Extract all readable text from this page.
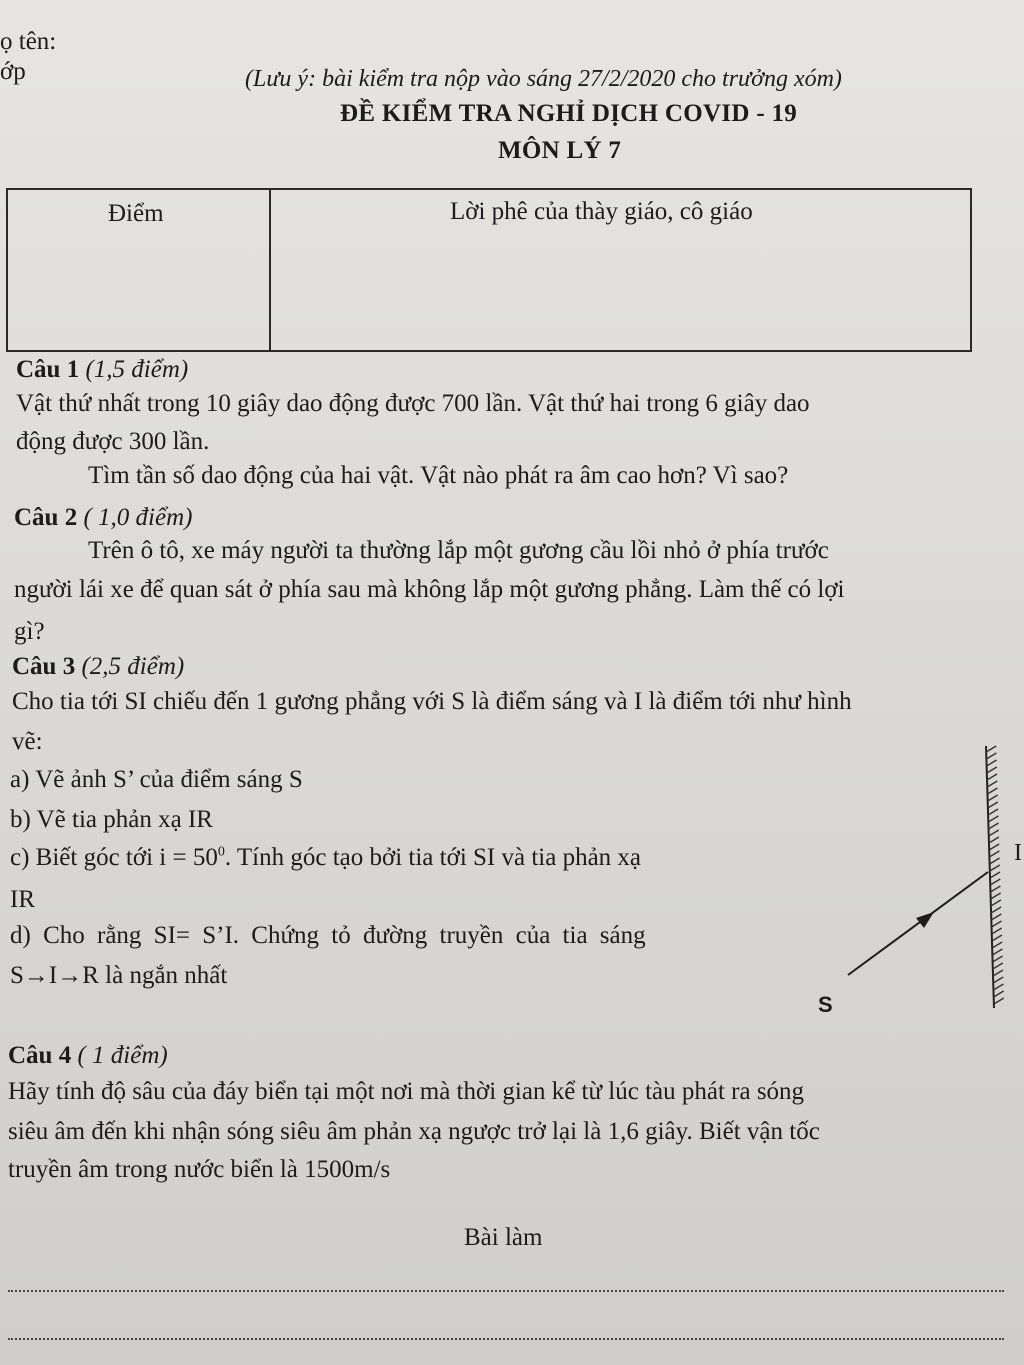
ọ tên:
ớp	(Lưu ý: bài kiểm tra nộp vào sáng 27/2/2020 cho trưởng xóm)
ĐỀ KIỂM TRA NGHỈ DỊCH COVID - 19
MÔN LÝ 7
Điểm	Lời phê của thày giáo, cô giáo
Câu 1 (1,5 điểm)
Vật thứ nhất trong 10 giây dao động được 700 lần. Vật thứ hai trong 6 giây dao
động được 300 lần.
Tìm tần số dao động của hai vật. Vật nào phát ra âm cao hơn? Vì sao?
Câu 2 ( 1,0 điểm)
Trên ô tô, xe máy người ta thường lắp một gương cầu lồi nhỏ ở phía trước
người lái xe để quan sát ở phía sau mà không lắp một gương phẳng. Làm thế có lợi
gì?
Câu 3 (2,5 điểm)
Cho tia tới SI chiếu đến 1 gương phẳng với S là điểm sáng và I là điểm tới như hình
vẽ:
a) Vẽ ảnh S’ của điểm sáng S
b) Vẽ tia phản xạ IR
c) Biết góc tới $i = 50^0$. Tính góc tạo bởi tia tới SI và tia phản xạ
IR
d) Cho rằng SI= S’I. Chứng tỏ đường truyền của tia sáng
S→I→R là ngắn nhất
S
I
Câu 4 ( 1 điểm)
Hãy tính độ sâu của đáy biển tại một nơi mà thời gian kể từ lúc tàu phát ra sóng
siêu âm đến khi nhận sóng siêu âm phản xạ ngược trở lại là 1,6 giây. Biết vận tốc
truyền âm trong nước biển là 1500m/s
Bài làm
